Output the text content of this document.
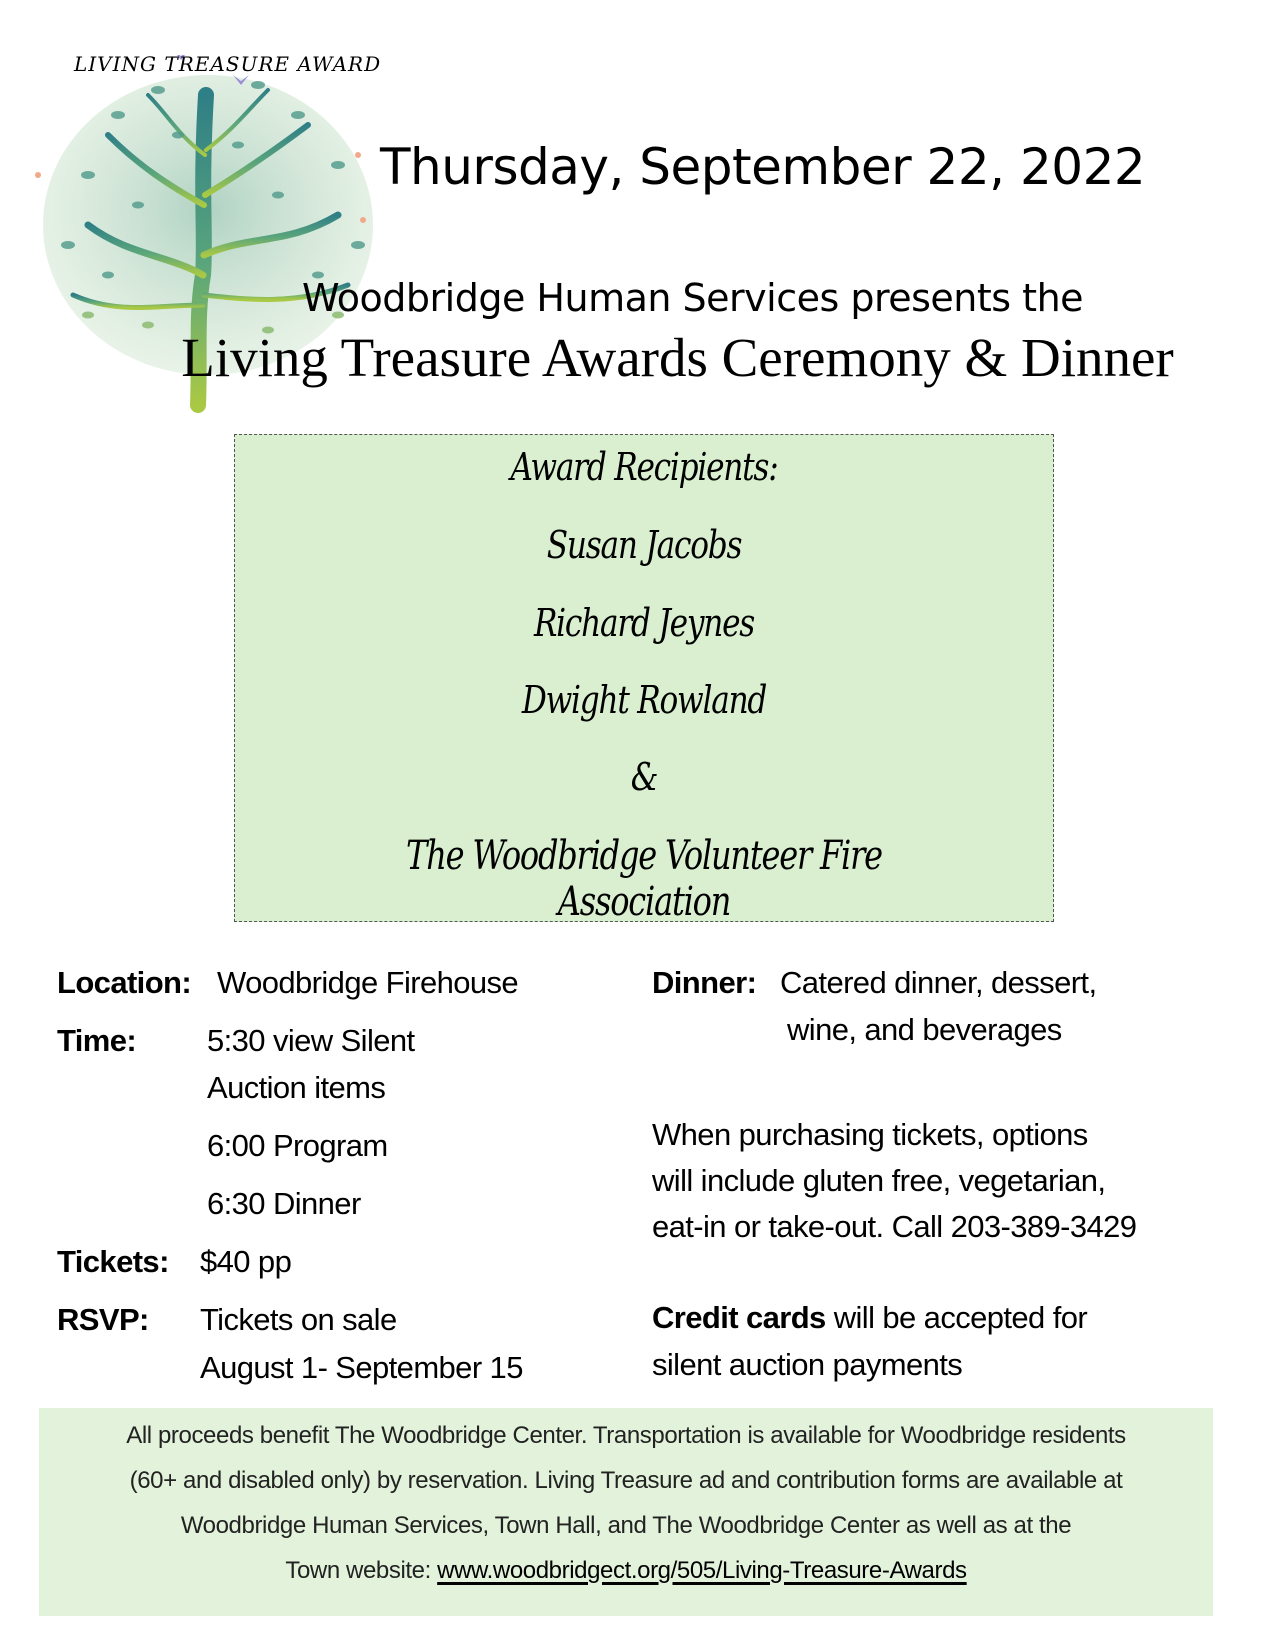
LIVING TREASURE AWARD
Thursday, September 22, 2022
Woodbridge Human Services presents the
Living Treasure Awards Ceremony & Dinner
Award Recipients:
Susan Jacobs
Richard Jeynes
Dwight Rowland
&
The Woodbridge Volunteer Fire Association
Location: Woodbridge Firehouse
Time: 5:30 view Silent
Auction items
6:00 Program
6:30 Dinner
Tickets: $40 pp
RSVP: Tickets on sale
August 1- September 15
Dinner: Catered dinner, dessert,
wine, and beverages
When purchasing tickets, options
will include gluten free, vegetarian,
eat-in or take-out. Call 203-389-3429
Credit cards will be accepted for
silent auction payments
All proceeds benefit The Woodbridge Center. Transportation is available for Woodbridge residents
(60+ and disabled only) by reservation. Living Treasure ad and contribution forms are available at
Woodbridge Human Services, Town Hall, and The Woodbridge Center as well as at the
Town website: www.woodbridgect.org/505/Living-Treasure-Awards
